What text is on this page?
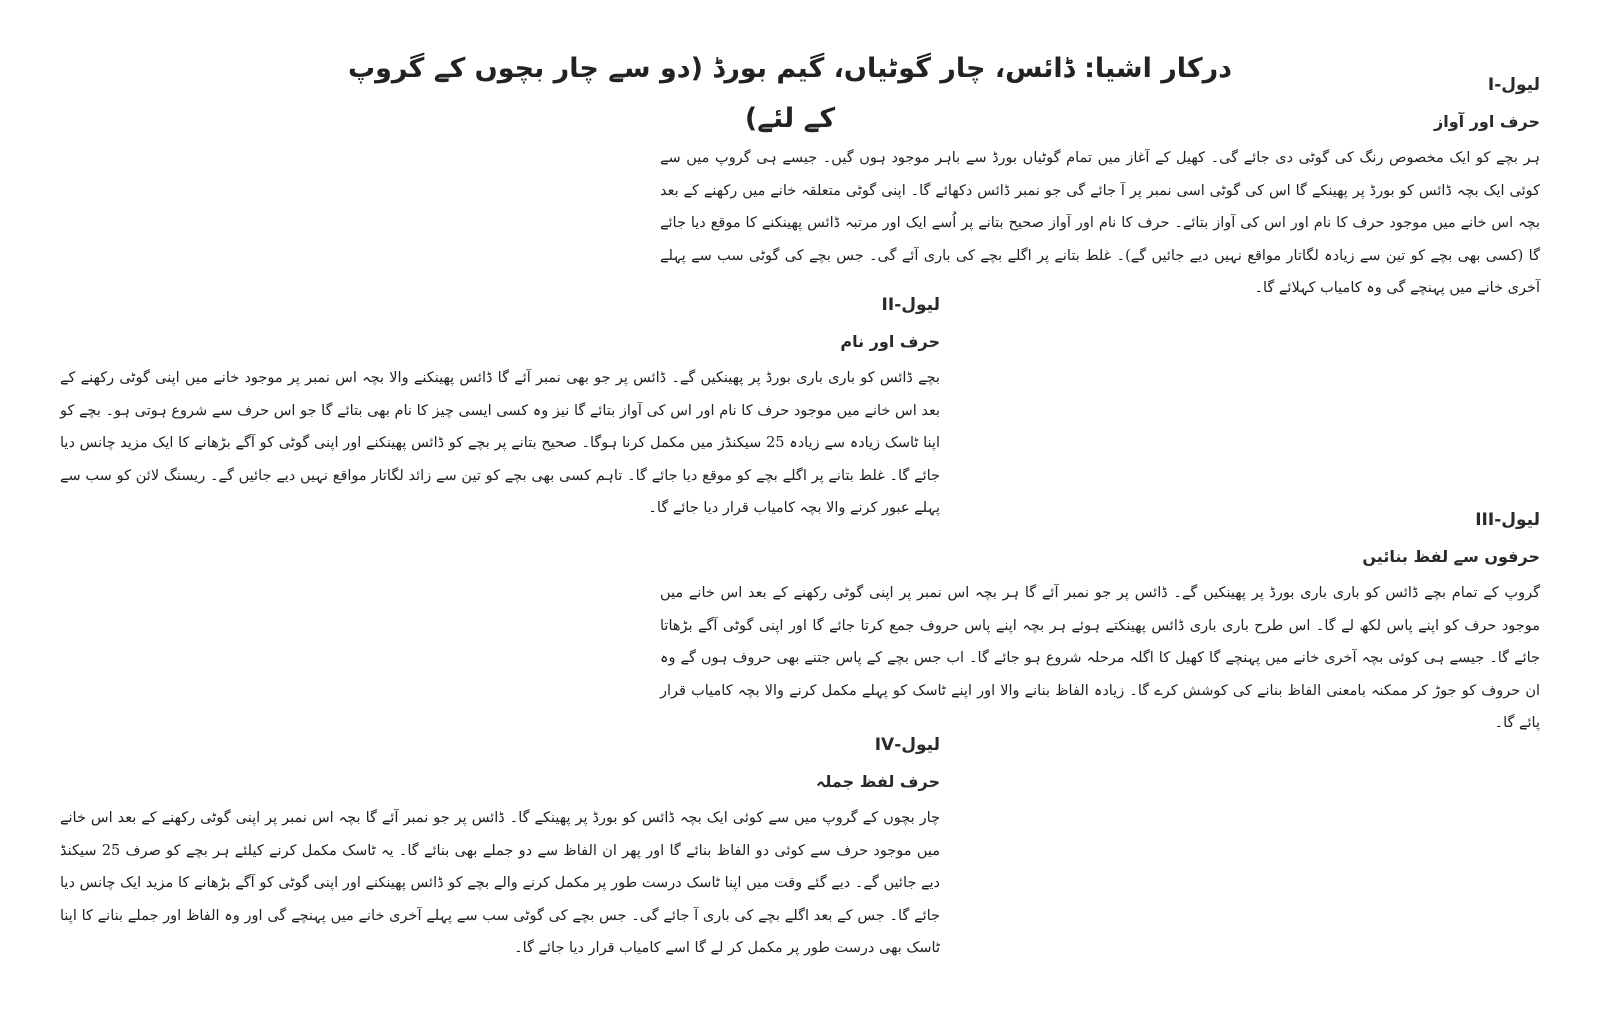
درکار اشیا: ڈائس، چار گوٹیاں، گیم بورڈ (دو سے چار بچوں کے گروپ کے لئے)
لیول-I
حرف اور آواز
ہر بچے کو ایک مخصوص رنگ کی گوٹی دی جائے گی۔ کھیل کے آغاز میں تمام گوٹیاں بورڈ سے باہر موجود ہوں گیں۔ جیسے ہی گروپ میں سے کوئی ایک بچہ ڈائس کو بورڈ پر پھینکے گا اس کی گوٹی اسی نمبر پر آ جائے گی جو نمبر ڈائس دکھائے گا۔ اپنی گوٹی متعلقہ خانے میں رکھنے کے بعد بچہ اس خانے میں موجود حرف کا نام اور اس کی آواز بتائے۔ حرف کا نام اور آواز صحیح بتانے پر اُسے ایک اور مرتبہ ڈائس پھینکنے کا موقع دیا جائے گا (کسی بھی بچے کو تین سے زیادہ لگاتار مواقع نہیں دیے جائیں گے)۔ غلط بتانے پر اگلے بچے کی باری آئے گی۔ جس بچے کی گوٹی سب سے پہلے آخری خانے میں پہنچے گی وہ کامیاب کہلائے گا۔
لیول-II
حرف اور نام
بچے ڈائس کو باری باری بورڈ پر پھینکیں گے۔ ڈائس پر جو بھی نمبر آئے گا ڈائس پھینکنے والا بچہ اس نمبر پر موجود خانے میں اپنی گوٹی رکھنے کے بعد اس خانے میں موجود حرف کا نام اور اس کی آواز بتائے گا نیز وہ کسی ایسی چیز کا نام بھی بتائے گا جو اس حرف سے شروع ہوتی ہو۔ بچے کو اپنا ٹاسک زیادہ سے زیادہ 25 سیکنڈز میں مکمل کرنا ہوگا۔ صحیح بتانے پر بچے کو ڈائس پھینکنے اور اپنی گوٹی کو آگے بڑھانے کا ایک مزید چانس دیا جائے گا۔ غلط بتانے پر اگلے بچے کو موقع دیا جائے گا۔ تاہم کسی بھی بچے کو تین سے زائد لگاتار مواقع نہیں دیے جائیں گے۔ ریسنگ لائن کو سب سے پہلے عبور کرنے والا بچہ کامیاب قرار دیا جائے گا۔
لیول-III
حرفوں سے لفظ بنائیں
گروپ کے تمام بچے ڈائس کو باری باری بورڈ پر پھینکیں گے۔ ڈائس پر جو نمبر آئے گا ہر بچہ اس نمبر پر اپنی گوٹی رکھنے کے بعد اس خانے میں موجود حرف کو اپنے پاس لکھ لے گا۔ اس طرح باری باری ڈائس پھینکتے ہوئے ہر بچہ اپنے پاس حروف جمع کرتا جائے گا اور اپنی گوٹی آگے بڑھاتا جائے گا۔ جیسے ہی کوئی بچہ آخری خانے میں پہنچے گا کھیل کا اگلہ مرحلہ شروع ہو جائے گا۔ اب جس بچے کے پاس جتنے بھی حروف ہوں گے وہ ان حروف کو جوڑ کر ممکنہ بامعنی الفاظ بنانے کی کوشش کرے گا۔ زیادہ الفاظ بنانے والا اور اپنے ٹاسک کو پہلے مکمل کرنے والا بچہ کامیاب قرار پائے گا۔
لیول-IV
حرف لفظ جملہ
چار بچوں کے گروپ میں سے کوئی ایک بچہ ڈائس کو بورڈ پر پھینکے گا۔ ڈائس پر جو نمبر آئے گا بچہ اس نمبر پر اپنی گوٹی رکھنے کے بعد اس خانے میں موجود حرف سے کوئی دو الفاظ بنائے گا اور پھر ان الفاظ سے دو جملے بھی بنائے گا۔ یہ ٹاسک مکمل کرنے کیلئے ہر بچے کو صرف 25 سیکنڈ دیے جائیں گے۔ دیے گئے وقت میں اپنا ٹاسک درست طور پر مکمل کرنے والے بچے کو ڈائس پھینکنے اور اپنی گوٹی کو آگے بڑھانے کا مزید ایک چانس دیا جائے گا۔ جس کے بعد اگلے بچے کی باری آ جائے گی۔ جس بچے کی گوٹی سب سے پہلے آخری خانے میں پہنچے گی اور وہ الفاظ اور جملے بنانے کا اپنا ٹاسک بھی درست طور پر مکمل کر لے گا اسے کامیاب قرار دیا جائے گا۔
